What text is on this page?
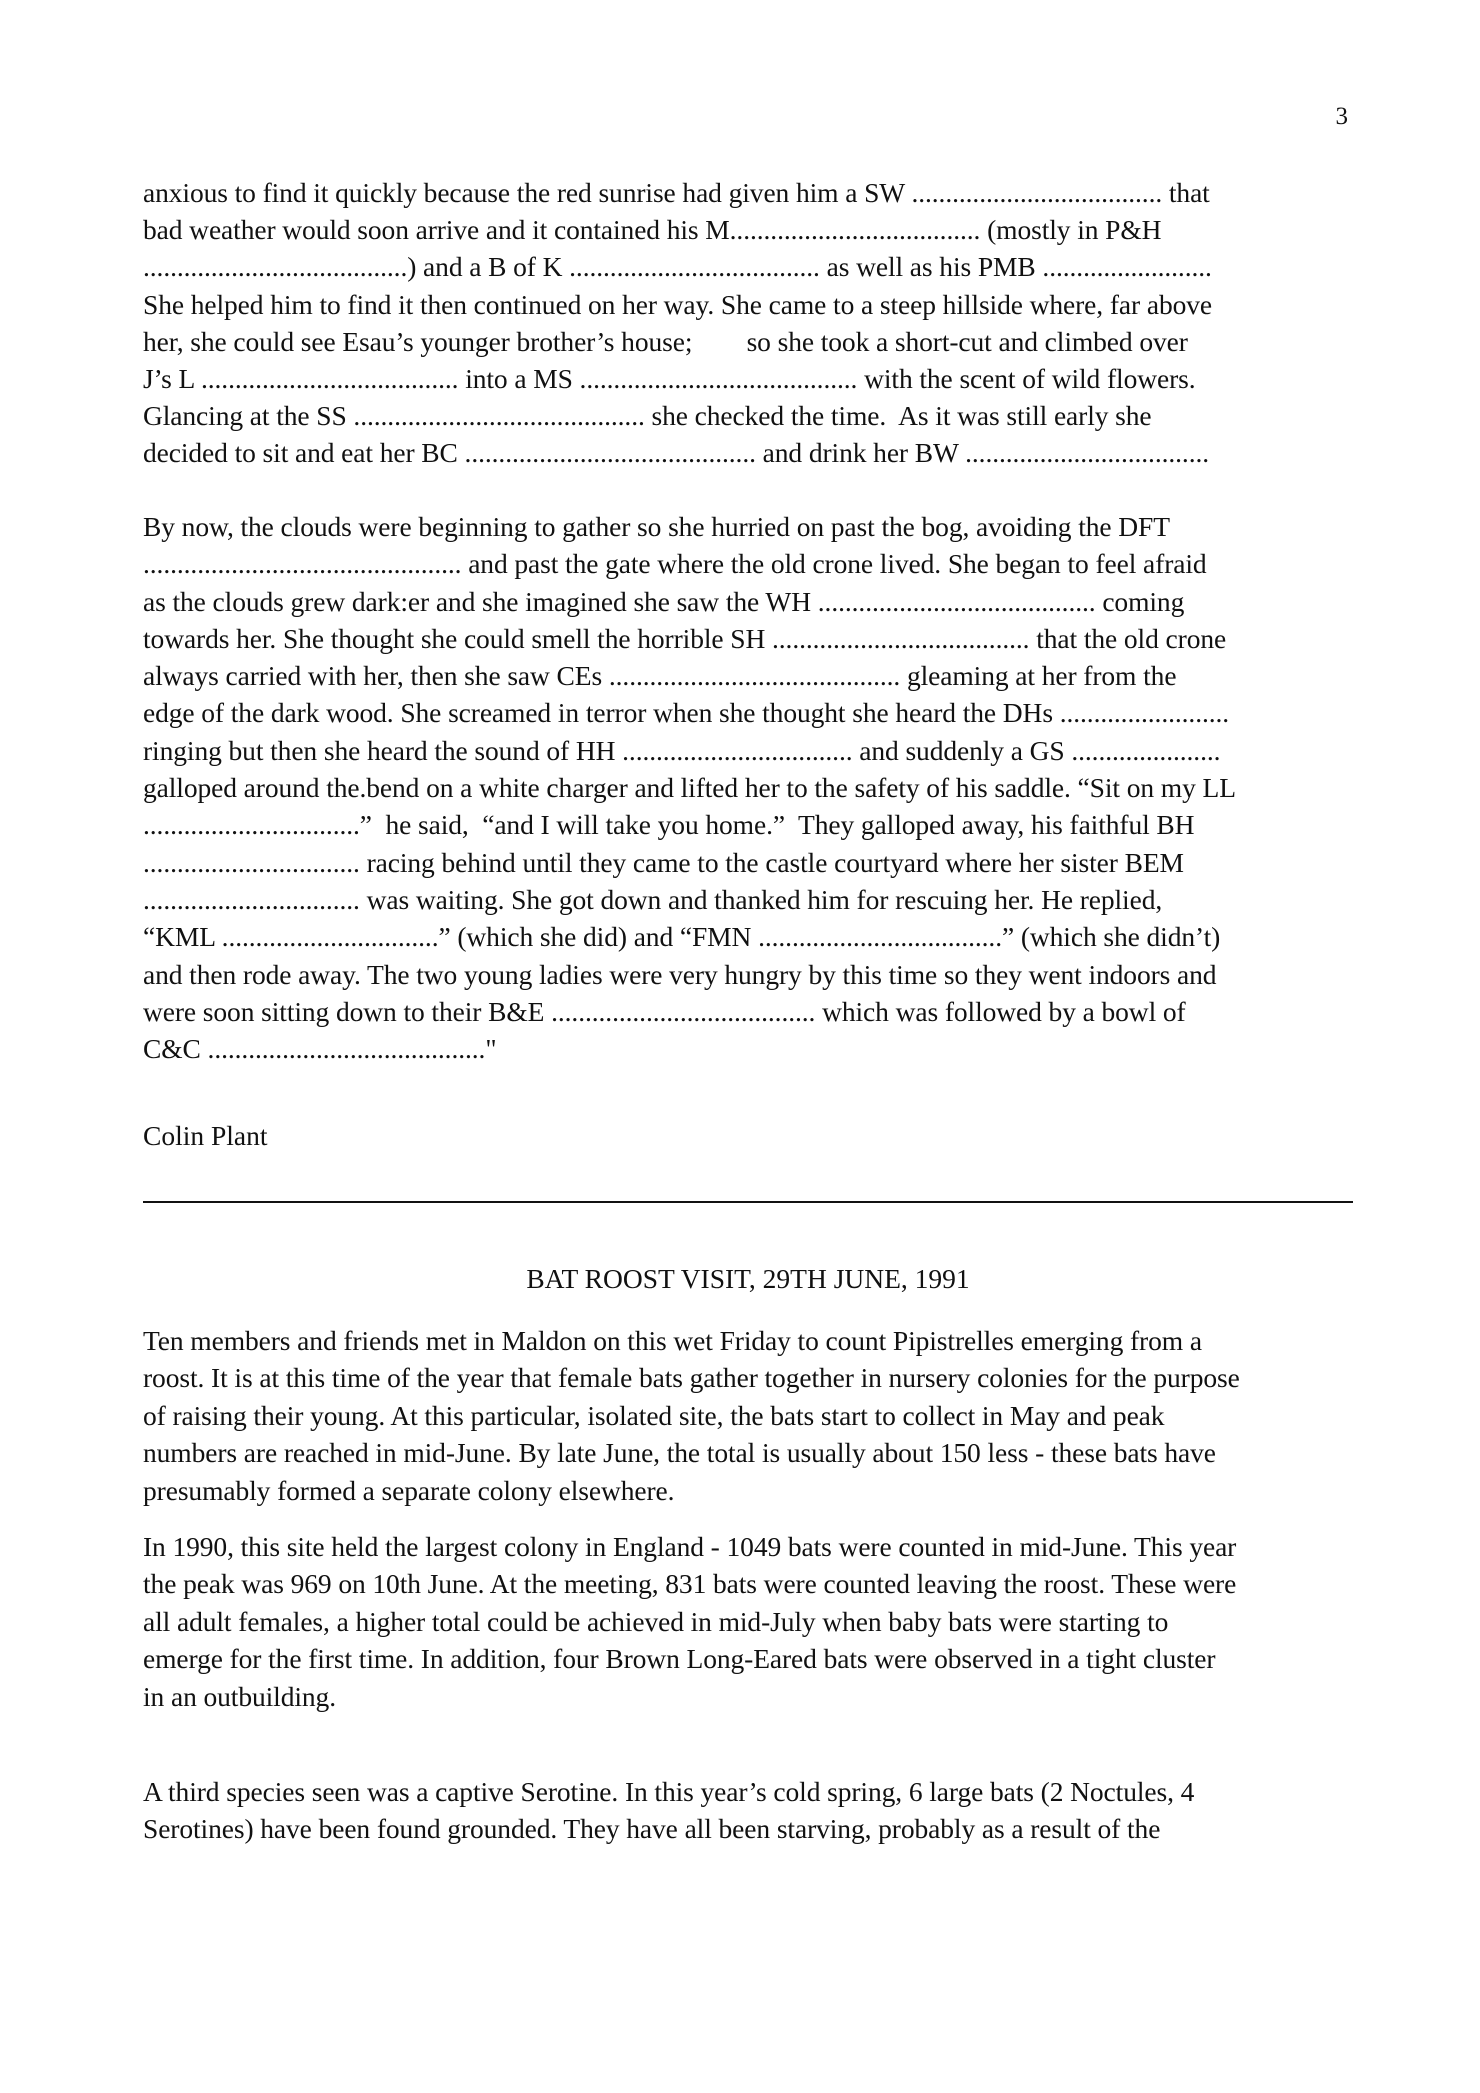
3
anxious to find it quickly because the red sunrise had given him a SW ..................................... that
bad weather would soon arrive and it contained his M..................................... (mostly in P&H
.......................................) and a B of K ..................................... as well as his PMB .........................
She helped him to find it then continued on her way. She came to a steep hillside where, far above
her, she could see Esau’s younger brother’s house;        so she took a short-cut and climbed over
J’s L ...................................... into a MS ......................................... with the scent of wild flowers.
Glancing at the SS ........................................... she checked the time.  As it was still early she
decided to sit and eat her BC ........................................... and drink her BW ....................................
By now, the clouds were beginning to gather so she hurried on past the bog, avoiding the DFT
............................................... and past the gate where the old crone lived. She began to feel afraid
as the clouds grew dark:er and she imagined she saw the WH ......................................... coming
towards her. She thought she could smell the horrible SH ...................................... that the old crone
always carried with her, then she saw CEs ........................................... gleaming at her from the
edge of the dark wood. She screamed in terror when she thought she heard the DHs .........................
ringing but then she heard the sound of HH .................................. and suddenly a GS ......................
galloped around the.bend on a white charger and lifted her to the safety of his saddle. “Sit on my LL
................................”  he said,  “and I will take you home.”  They galloped away, his faithful BH
................................ racing behind until they came to the castle courtyard where her sister BEM
................................ was waiting. She got down and thanked him for rescuing her. He replied,
“KML ................................” (which she did) and “FMN ....................................” (which she didn’t)
and then rode away. The two young ladies were very hungry by this time so they went indoors and
were soon sitting down to their B&E ....................................... which was followed by a bowl of
C&C ........................................."
Colin Plant
BAT ROOST VISIT, 29TH JUNE, 1991
Ten members and friends met in Maldon on this wet Friday to count Pipistrelles emerging from a
roost. It is at this time of the year that female bats gather together in nursery colonies for the purpose
of raising their young. At this particular, isolated site, the bats start to collect in May and peak
numbers are reached in mid-June. By late June, the total is usually about 150 less - these bats have
presumably formed a separate colony elsewhere.
In 1990, this site held the largest colony in England - 1049 bats were counted in mid-June. This year
the peak was 969 on 10th June. At the meeting, 831 bats were counted leaving the roost. These were
all adult females, a higher total could be achieved in mid-July when baby bats were starting to
emerge for the first time. In addition, four Brown Long-Eared bats were observed in a tight cluster
in an outbuilding.
A third species seen was a captive Serotine. In this year’s cold spring, 6 large bats (2 Noctules, 4
Serotines) have been found grounded. They have all been starving, probably as a result of the
